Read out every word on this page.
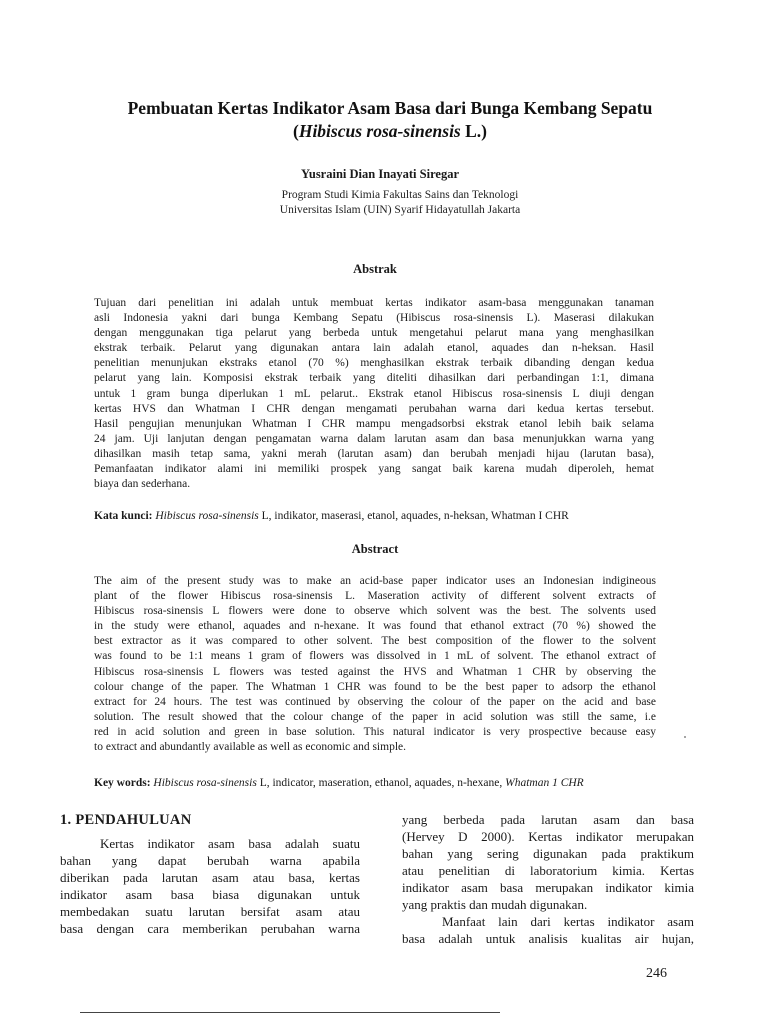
Pembuatan Kertas Indikator Asam Basa dari Bunga Kembang Sepatu
(Hibiscus rosa-sinensis L.)
Yusraini Dian Inayati Siregar
Program Studi Kimia Fakultas Sains dan Teknologi
Universitas Islam (UIN) Syarif Hidayatullah Jakarta
Abstrak
Tujuan dari penelitian ini adalah untuk membuat kertas indikator asam-basa menggunakan tanaman
asli Indonesia yakni dari bunga Kembang Sepatu (Hibiscus rosa-sinensis L). Maserasi dilakukan
dengan menggunakan tiga pelarut yang berbeda untuk mengetahui pelarut mana yang menghasilkan
ekstrak terbaik. Pelarut yang digunakan antara lain adalah etanol, aquades dan n-heksan. Hasil
penelitian menunjukan ekstraks etanol (70 %) menghasilkan ekstrak terbaik dibanding dengan kedua
pelarut yang lain. Komposisi ekstrak terbaik yang diteliti dihasilkan dari perbandingan 1:1, dimana
untuk 1 gram bunga diperlukan 1 mL pelarut.. Ekstrak etanol Hibiscus rosa-sinensis L diuji dengan
kertas HVS dan Whatman I CHR dengan mengamati perubahan warna dari kedua kertas tersebut.
Hasil pengujian menunjukan Whatman I CHR mampu mengadsorbsi ekstrak etanol lebih baik selama
24 jam. Uji lanjutan dengan pengamatan warna dalam larutan asam dan basa menunjukkan warna yang
dihasilkan masih tetap sama, yakni merah (larutan asam) dan berubah menjadi hijau (larutan basa),
Pemanfaatan indikator alami ini memiliki prospek yang sangat baik karena mudah diperoleh, hemat
biaya dan sederhana.
Kata kunci: Hibiscus rosa-sinensis L, indikator, maserasi, etanol, aquades, n-heksan, Whatman I CHR
Abstract
The aim of the present study was to make an acid-base paper indicator uses an Indonesian indigineous
plant of the flower Hibiscus rosa-sinensis L. Maseration activity of different solvent extracts of
Hibiscus rosa-sinensis L flowers were done to observe which solvent was the best. The solvents used
in the study were ethanol, aquades and n-hexane. It was found that ethanol extract (70 %) showed the
best extractor as it was compared to other solvent. The best composition of the flower to the solvent
was found to be 1:1 means 1 gram of flowers was dissolved in 1 mL of solvent. The ethanol extract of
Hibiscus rosa-sinensis L flowers was tested against the HVS and Whatman 1 CHR by observing the
colour change of the paper. The Whatman 1 CHR was found to be the best paper to adsorp the ethanol
extract for 24 hours. The test was continued by observing the colour of the paper on the acid and base
solution. The result showed that the colour change of the paper in acid solution was still the same, i.e
red in acid solution and green in base solution. This natural indicator is very prospective because easy
to extract and abundantly available as well as economic and simple.
Key words: Hibiscus rosa-sinensis L, indicator, maseration, ethanol, aquades, n-hexane, Whatman 1 CHR
1. PENDAHULUAN
Kertas indikator asam basa adalah suatu
bahan yang dapat berubah warna apabila
diberikan pada larutan asam atau basa, kertas
indikator asam basa biasa digunakan untuk
membedakan suatu larutan bersifat asam atau
basa dengan cara memberikan perubahan warna
yang berbeda pada larutan asam dan basa
(Hervey D 2000). Kertas indikator merupakan
bahan yang sering digunakan pada praktikum
atau penelitian di laboratorium kimia. Kertas
indikator asam basa merupakan indikator kimia
yang praktis dan mudah digunakan.
Manfaat lain dari kertas indikator asam
basa adalah untuk analisis kualitas air hujan,
246
